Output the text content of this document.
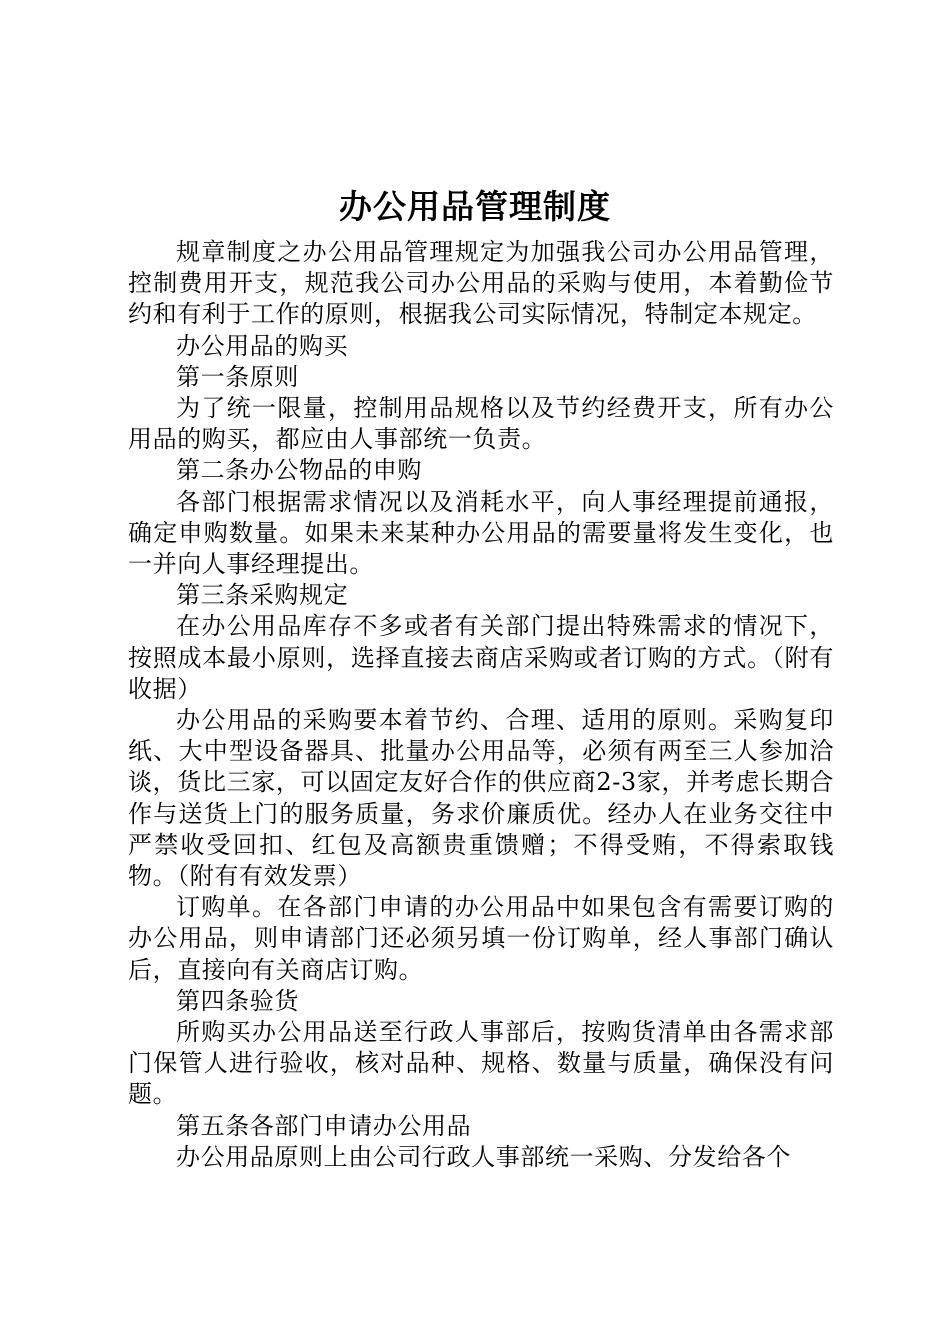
办公用品管理制度

规章制度之办公用品管理规定为加强我公司办公用品管理，控制费用开支，规范我公司办公用品的采购与使用，本着勤俭节约和有利于工作的原则，根据我公司实际情况，特制定本规定。

办公用品的购买

第一条原则

为了统一限量，控制用品规格以及节约经费开支，所有办公用品的购买，都应由人事部统一负责。

第二条办公物品的申购

各部门根据需求情况以及消耗水平，向人事经理提前通报，确定申购数量。如果未来某种办公用品的需要量将发生变化，也一并向人事经理提出。

第三条采购规定

在办公用品库存不多或者有关部门提出特殊需求的情况下，按照成本最小原则，选择直接去商店采购或者订购的方式。（附有收据）

办公用品的采购要本着节约、合理、适用的原则。采购复印纸、大中型设备器具、批量办公用品等，必须有两至三人参加洽谈，货比三家，可以固定友好合作的供应商2-3家，并考虑长期合作与送货上门的服务质量，务求价廉质优。经办人在业务交往中严禁收受回扣、红包及高额贵重馈赠；不得受贿，不得索取钱物。（附有有效发票）

订购单。在各部门申请的办公用品中如果包含有需要订购的办公用品，则申请部门还必须另填一份订购单，经人事部门确认后，直接向有关商店订购。

第四条验货

所购买办公用品送至行政人事部后，按购货清单由各需求部门保管人进行验收，核对品种、规格、数量与质量，确保没有问题。

第五条各部门申请办公用品

办公用品原则上由公司行政人事部统一采购、分发给各个
